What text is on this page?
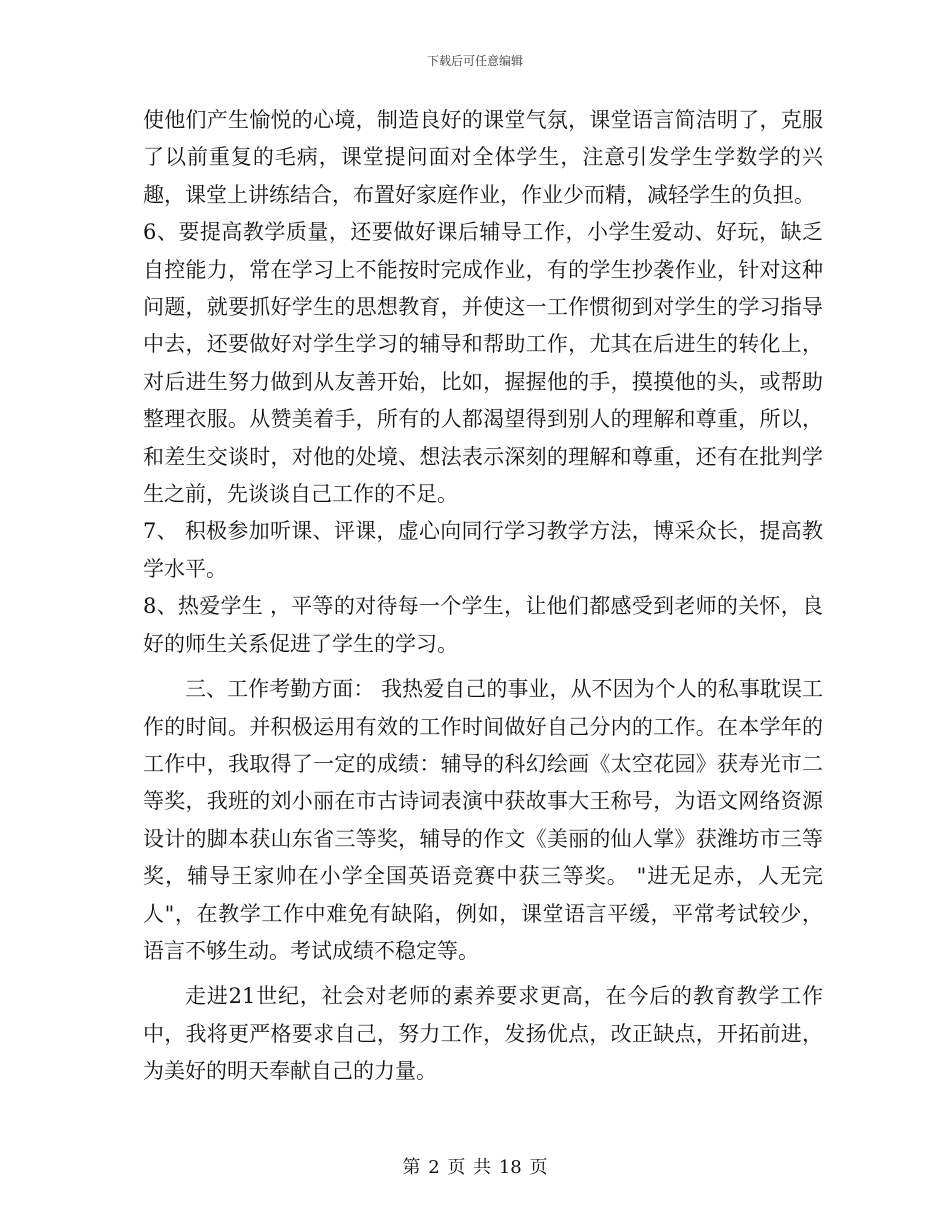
下载后可任意编辑

使他们产生愉悦的心境，制造良好的课堂气氛，课堂语言简洁明了，克服了以前重复的毛病，课堂提问面对全体学生，注意引发学生学数学的兴趣，课堂上讲练结合，布置好家庭作业，作业少而精，减轻学生的负担。

6、要提高教学质量，还要做好课后辅导工作，小学生爱动、好玩，缺乏自控能力，常在学习上不能按时完成作业，有的学生抄袭作业，针对这种问题，就要抓好学生的思想教育，并使这一工作惯彻到对学生的学习指导中去，还要做好对学生学习的辅导和帮助工作，尤其在后进生的转化上，对后进生努力做到从友善开始，比如，握握他的手，摸摸他的头，或帮助整理衣服。从赞美着手，所有的人都渴望得到别人的理解和尊重，所以，和差生交谈时，对他的处境、想法表示深刻的理解和尊重，还有在批判学生之前，先谈谈自己工作的不足。

7、 积极参加听课、评课，虚心向同行学习教学方法，博采众长，提高教学水平。

8、热爱学生 ，平等的对待每一个学生，让他们都感受到老师的关怀，良好的师生关系促进了学生的学习。

三、工作考勤方面： 我热爱自己的事业，从不因为个人的私事耽误工作的时间。并积极运用有效的工作时间做好自己分内的工作。在本学年的工作中，我取得了一定的成绩：辅导的科幻绘画《太空花园》获寿光市二等奖，我班的刘小丽在市古诗词表演中获故事大王称号，为语文网络资源设计的脚本获山东省三等奖，辅导的作文《美丽的仙人掌》获潍坊市三等奖，辅导王家帅在小学全国英语竞赛中获三等奖。 "进无足赤，人无完人"，在教学工作中难免有缺陷，例如，课堂语言平缓，平常考试较少，语言不够生动。考试成绩不稳定等。

走进21世纪，社会对老师的素养要求更高，在今后的教育教学工作中，我将更严格要求自己，努力工作，发扬优点，改正缺点，开拓前进，为美好的明天奉献自己的力量。

第 2 页 共 18 页
